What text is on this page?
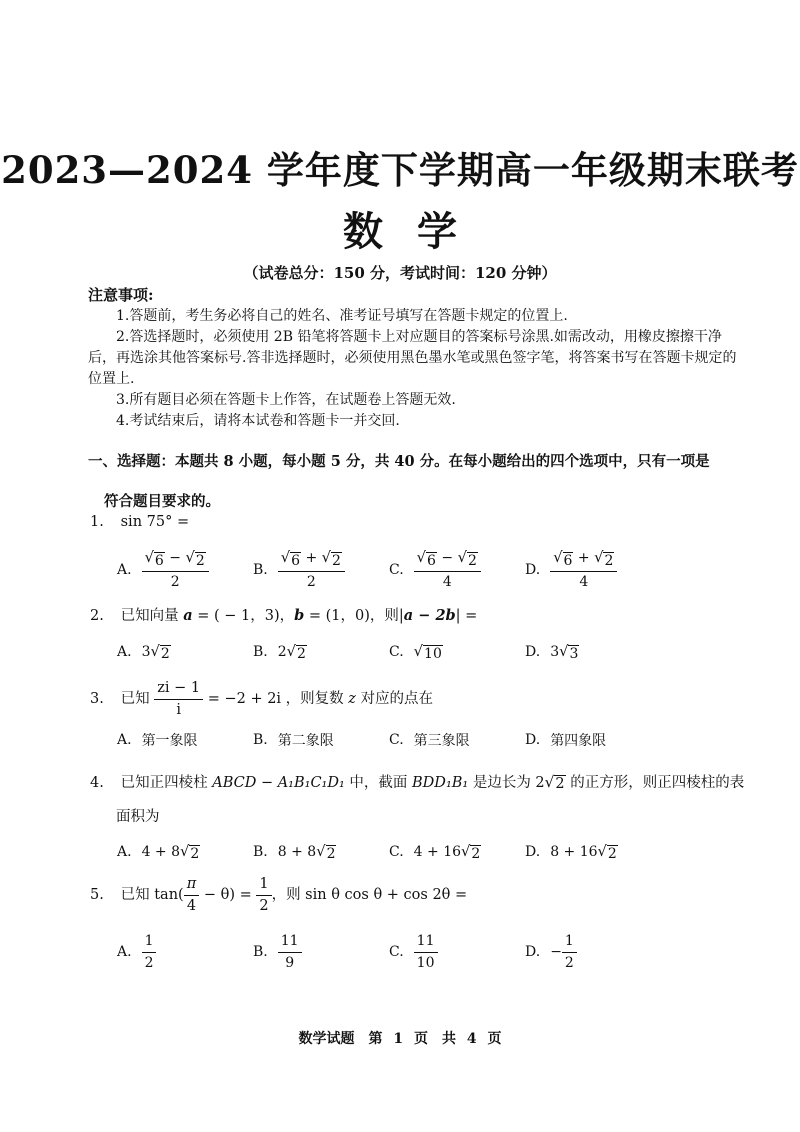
2023—2024 学年度下学期高一年级期末联考
数学
（试卷总分：150 分，考试时间：120 分钟）
注意事项:
1.答题前，考生务必将自己的姓名、准考证号填写在答题卡规定的位置上.
2.答选择题时，必须使用 2B 铅笔将答题卡上对应题目的答案标号涂黑.如需改动，用橡皮擦擦干净后，再选涂其他答案标号.答非选择题时，必须使用黑色墨水笔或黑色签字笔，将答案书写在答题卡规定的位置上.
3.所有题目必须在答题卡上作答，在试题卷上答题无效.
4.考试结束后，请将本试卷和答题卡一并交回.
一、选择题：本题共 8 小题，每小题 5 分，共 40 分。在每小题给出的四个选项中，只有一项是
符合题目要求的。
1. sin 75° =
A. $\frac{√ 6 - √ 2}{2}$	B. $\frac{√ 6 + √ 2}{2}$	C. $\frac{√ 6 - √ 2}{4}$	D. $\frac{√ 6 + √ 2}{4}$
2. 已知向量 a = ( − 1，3)，b = (1，0)，则|a − 2b| =
A. 3 √ 2	B. 2 √ 2	C. √ 10	D. 3 √ 3
3. 已知 $\frac{zi - 1}{i} = -2 + 2i$ ，则复数 z 对应的点在
A. 第一象限	B. 第二象限	C. 第三象限	D. 第四象限
4. 已知正四棱柱 ABCD − A₁B₁C₁D₁ 中，截面 BDD₁B₁ 是边长为 2 √ 2 的正方形，则正四棱柱的表
面积为
A. 4 + 8 √ 2	B. 8 + 8 √ 2	C. 4 + 16 √ 2	D. 8 + 16 √ 2
5. 已知 $\tan( \frac{\pi}{4} - \theta) = \frac{1}{2}$ ，则 sin θ cos θ + cos 2θ =
A. $\frac{1}{2}$	B. $\frac{11}{9}$	C. $\frac{11}{10}$	D. − $\frac{1}{2}$
数学试题　第 1 页　共 4 页
